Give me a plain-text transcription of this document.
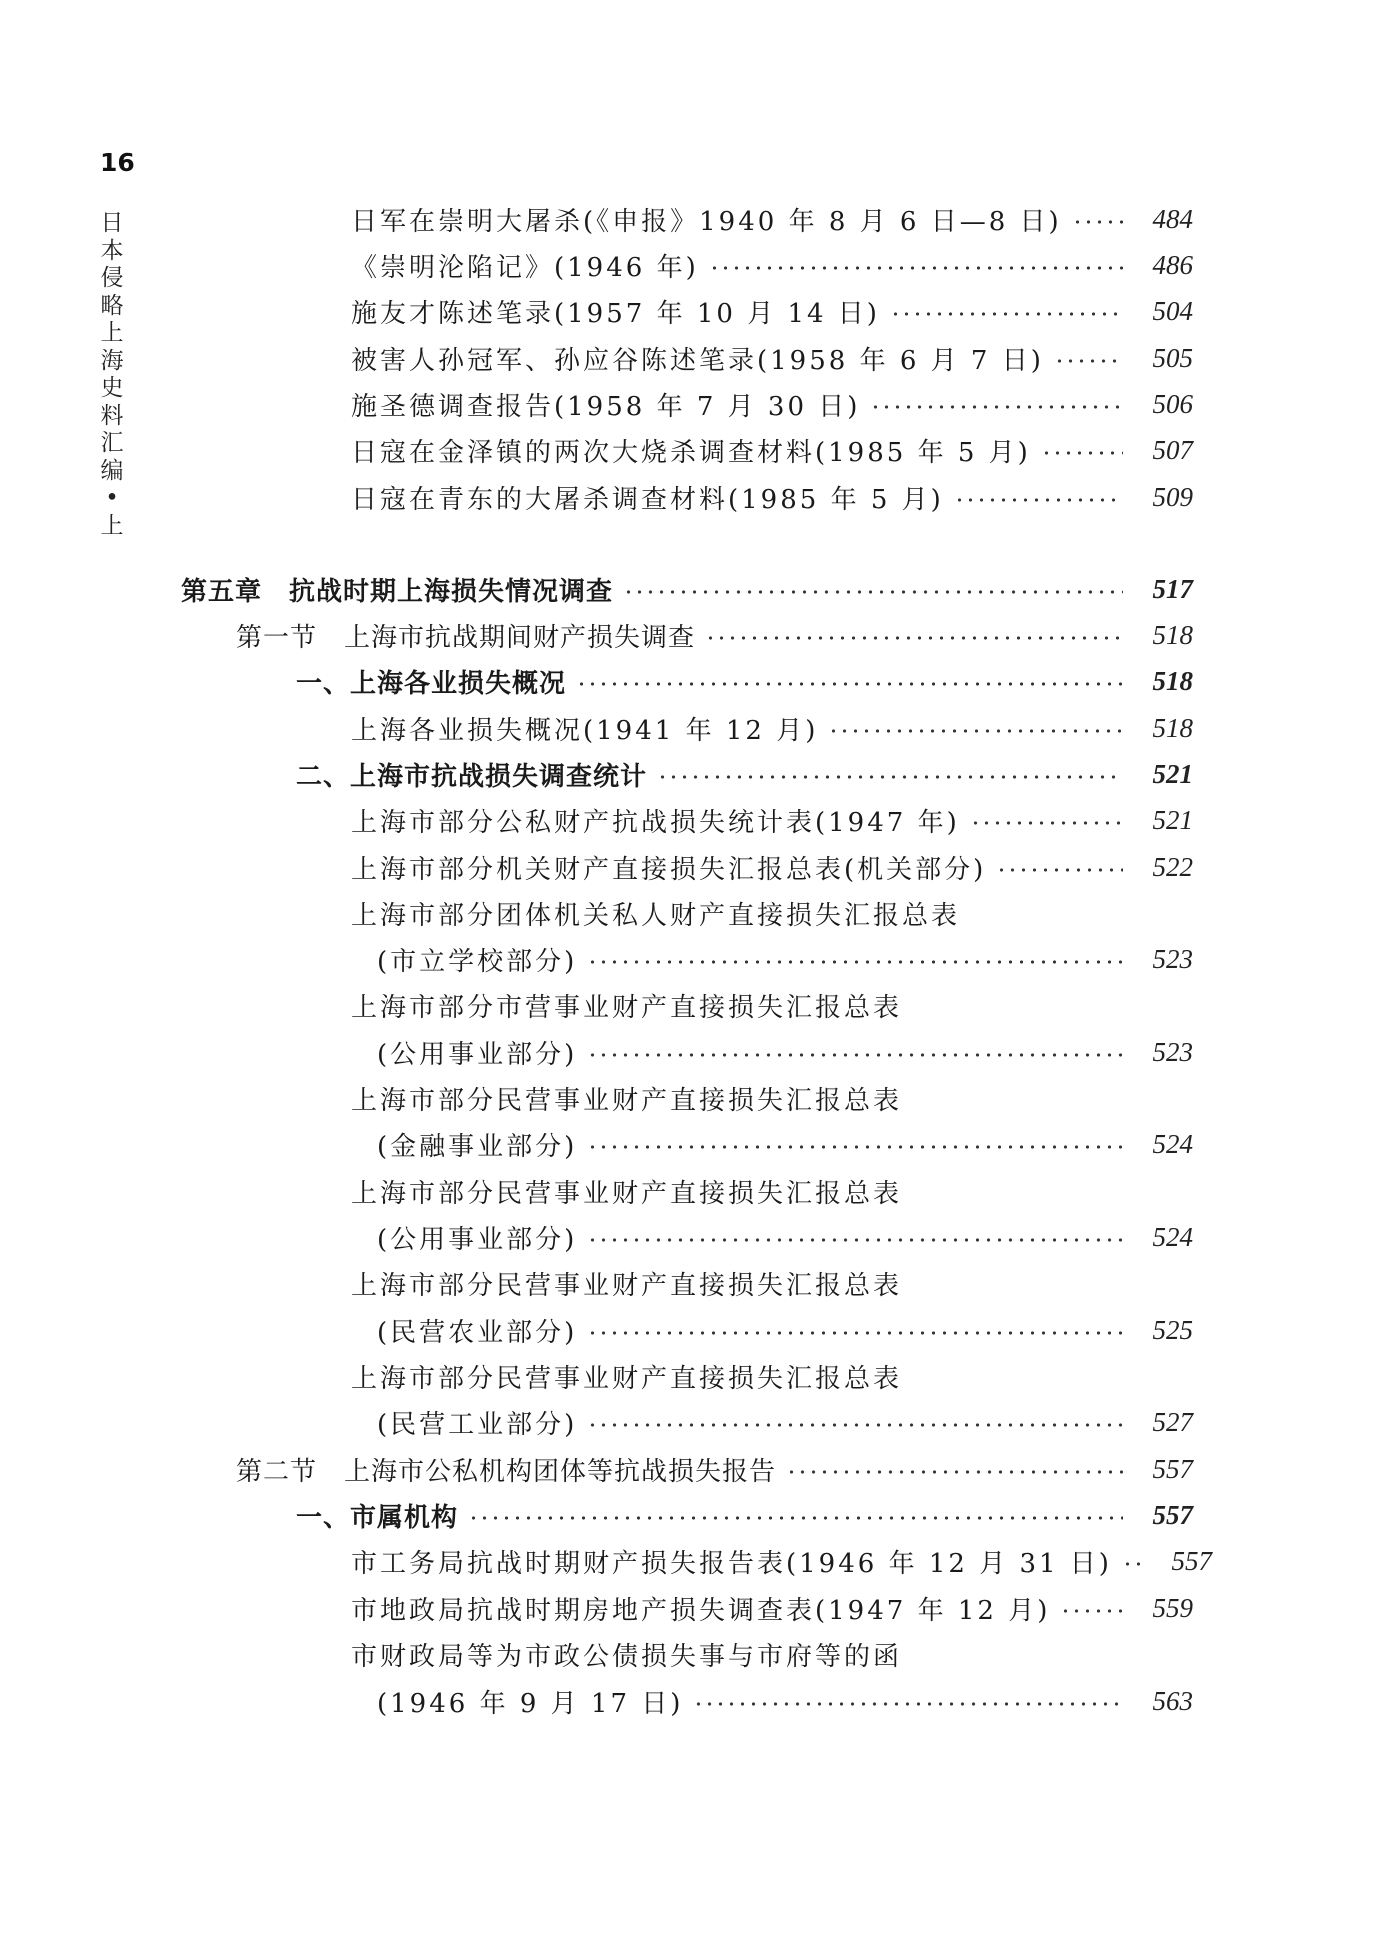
16
日
本
侵
略
上
海
史
料
汇
编
•
上
日军在崇明大屠杀(《申报》1940 年 8 月 6 日—8 日)	484
《崇明沦陷记》(1946 年)	486
施友才陈述笔录(1957 年 10 月 14 日)	504
被害人孙冠军、孙应谷陈述笔录(1958 年 6 月 7 日)	505
施圣德调查报告(1958 年 7 月 30 日)	506
日寇在金泽镇的两次大烧杀调查材料(1985 年 5 月)	507
日寇在青东的大屠杀调查材料(1985 年 5 月)	509
第五章　抗战时期上海损失情况调查	517
第一节　上海市抗战期间财产损失调查	518
一、上海各业损失概况	518
上海各业损失概况(1941 年 12 月)	518
二、上海市抗战损失调查统计	521
上海市部分公私财产抗战损失统计表(1947 年)	521
上海市部分机关财产直接损失汇报总表(机关部分)	522
上海市部分团体机关私人财产直接损失汇报总表
(市立学校部分)	523
上海市部分市营事业财产直接损失汇报总表
(公用事业部分)	523
上海市部分民营事业财产直接损失汇报总表
(金融事业部分)	524
上海市部分民营事业财产直接损失汇报总表
(公用事业部分)	524
上海市部分民营事业财产直接损失汇报总表
(民营农业部分)	525
上海市部分民营事业财产直接损失汇报总表
(民营工业部分)	527
第二节　上海市公私机构团体等抗战损失报告	557
一、市属机构	557
市工务局抗战时期财产损失报告表(1946 年 12 月 31 日)	557
市地政局抗战时期房地产损失调查表(1947 年 12 月)	559
市财政局等为市政公债损失事与市府等的函
(1946 年 9 月 17 日)	563
